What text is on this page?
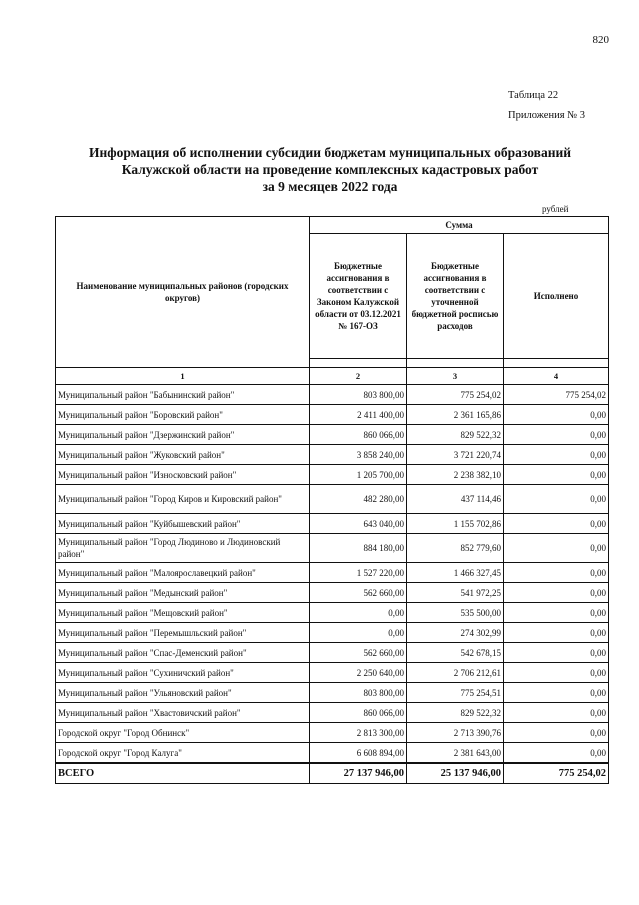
820
Таблица 22
Приложения № 3
Информация об исполнении субсидии бюджетам муниципальных образований
Калужской области на проведение комплексных кадастровых работ
за 9 месяцев 2022 года
рублей
Наименование муниципальных районов (городских округов)	Сумма		
	Бюджетные ассигнования в соответствии с Законом Калужской области от 03.12.2021 № 167-ОЗ	Бюджетные ассигнования в соответствии с уточненной бюджетной росписью расходов	Исполнено

1	2	3	4
Муниципальный район "Бабынинский район"	803 800,00	775 254,02	775 254,02
Муниципальный район "Боровский район"	2 411 400,00	2 361 165,86	0,00
Муниципальный район "Дзержинский район"	860 066,00	829 522,32	0,00
Муниципальный район "Жуковский район"	3 858 240,00	3 721 220,74	0,00
Муниципальный район "Износковский район"	1 205 700,00	2 238 382,10	0,00
Муниципальный район "Город Киров и Кировский район"	482 280,00	437 114,46	0,00
Муниципальный район "Куйбышевский район"	643 040,00	1 155 702,86	0,00
Муниципальный район "Город Людиново и Людиновский район"	884 180,00	852 779,60	0,00
Муниципальный район "Малоярославецкий район"	1 527 220,00	1 466 327,45	0,00
Муниципальный район "Медынский район"	562 660,00	541 972,25	0,00
Муниципальный район "Мещовский район"	0,00	535 500,00	0,00
Муниципальный район "Перемышльский район"	0,00	274 302,99	0,00
Муниципальный район "Спас-Деменский район"	562 660,00	542 678,15	0,00
Муниципальный район "Сухиничский район"	2 250 640,00	2 706 212,61	0,00
Муниципальный район "Ульяновский район"	803 800,00	775 254,51	0,00
Муниципальный район "Хвастовичский район"	860 066,00	829 522,32	0,00
Городской округ "Город Обнинск"	2 813 300,00	2 713 390,76	0,00
Городской округ "Город Калуга"	6 608 894,00	2 381 643,00	0,00
ВСЕГО	27 137 946,00	25 137 946,00	775 254,02
